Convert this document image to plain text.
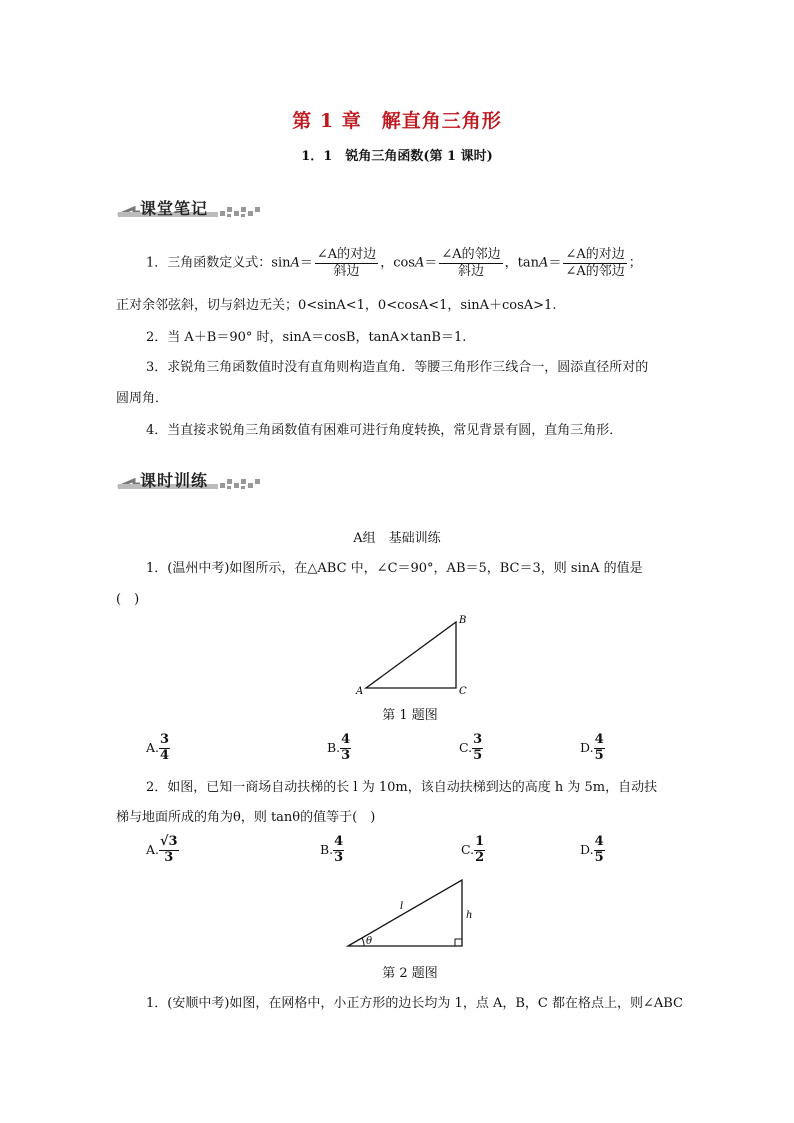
第 1 章　解直角三角形
1．1　锐角三角函数(第 1 课时)
课堂笔记
1．三角函数定义式：$\sin A= \frac{\text{∠A的对边}}{\text{斜边}}$ ，$\cos A= \frac{\text{∠A的邻边}}{\text{斜边}}$ ，$\tan A= \frac{\text{∠A的对边}}{\text{∠A的邻边}}$ ；
正对余邻弦斜，切与斜边无关；0<sinA<1，0<cosA<1，sinA＋cosA>1.
2．当 A＋B＝90° 时，sinA＝cosB，tanA×tanB＝1.
3．求锐角三角函数值时没有直角则构造直角．等腰三角形作三线合一，圆添直径所对的
圆周角．
4．当直接求锐角三角函数值有困难可进行角度转换，常见背景有圆，直角三角形．
课时训练
A组　基础训练
1．(温州中考)如图所示，在△ABC 中，∠C＝90°，AB＝5，BC＝3，则 sinA 的值是
(　)
A	C
B
第 1 题图
A. $\frac{3}{4}$	B. $\frac{4}{3}$	C. $\frac{3}{5}$	D. $\frac{4}{5}$
2．如图，已知一商场自动扶梯的长 l 为 10m，该自动扶梯到达的高度 h 为 5m，自动扶
梯与地面所成的角为θ，则 tanθ的值等于(　)
A. $\frac{√3}{3}$	B. $\frac{4}{3}$	C. $\frac{1}{2}$	D. $\frac{4}{5}$
θ
l
h
第 2 题图
1．(安顺中考)如图，在网格中，小正方形的边长均为 1，点 A，B，C 都在格点上，则∠ABC
